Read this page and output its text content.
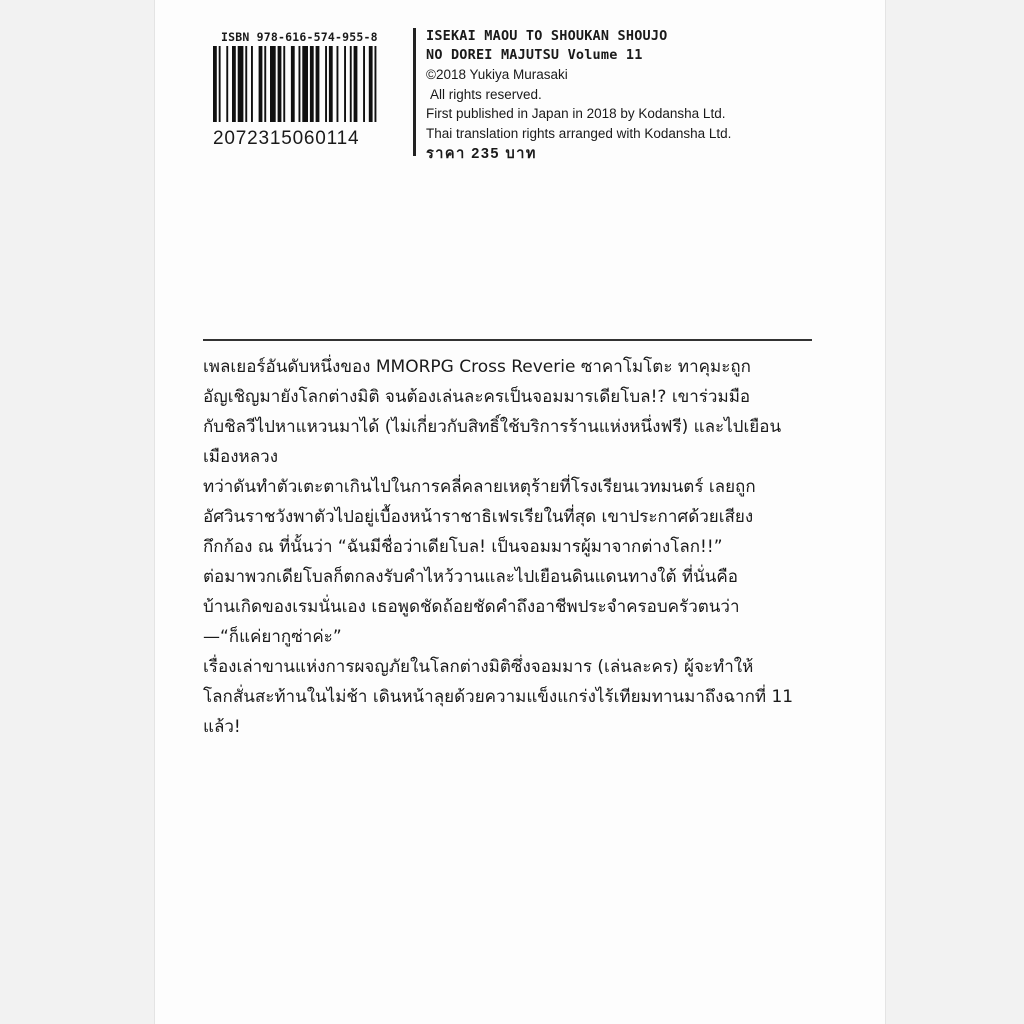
ISBN 978-616-574-955-8
2072315060114
ISEKAI MAOU TO SHOUKAN SHOUJO
NO DOREI MAJUTSU Volume 11
©2018 Yukiya Murasaki
All rights reserved.
First published in Japan in 2018 by Kodansha Ltd.
Thai translation rights arranged with Kodansha Ltd.
ราคา 235 บาท

เพลเยอร์อันดับหนึ่งของ MMORPG Cross Reverie ซาคาโมโตะ ทาคุมะถูก

อัญเชิญมายังโลกต่างมิติ จนต้องเล่นละครเป็นจอมมารเดียโบล!? เขาร่วมมือ

กับชิลวีไปหาแหวนมาได้ (ไม่เกี่ยวกับสิทธิ์ใช้บริการร้านแห่งหนึ่งฟรี) และไปเยือน

เมืองหลวง

ทว่าดันทำตัวเตะตาเกินไปในการคลี่คลายเหตุร้ายที่โรงเรียนเวทมนตร์ เลยถูก

อัศวินราชวังพาตัวไปอยู่เบื้องหน้าราชาธิเฟรเรียในที่สุด เขาประกาศด้วยเสียง

กึกก้อง ณ ที่นั้นว่า “ฉันมีชื่อว่าเดียโบล! เป็นจอมมารผู้มาจากต่างโลก!!”

ต่อมาพวกเดียโบลก็ตกลงรับคำไหว้วานและไปเยือนดินแดนทางใต้ ที่นั่นคือ

บ้านเกิดของเรมนั่นเอง เธอพูดชัดถ้อยชัดคำถึงอาชีพประจำครอบครัวตนว่า

—“ก็แค่ยากูซ่าค่ะ”

เรื่องเล่าขานแห่งการผจญภัยในโลกต่างมิติซึ่งจอมมาร (เล่นละคร) ผู้จะทำให้

โลกสั่นสะท้านในไม่ช้า เดินหน้าลุยด้วยความแข็งแกร่งไร้เทียมทานมาถึงฉากที่ 11

แล้ว!
